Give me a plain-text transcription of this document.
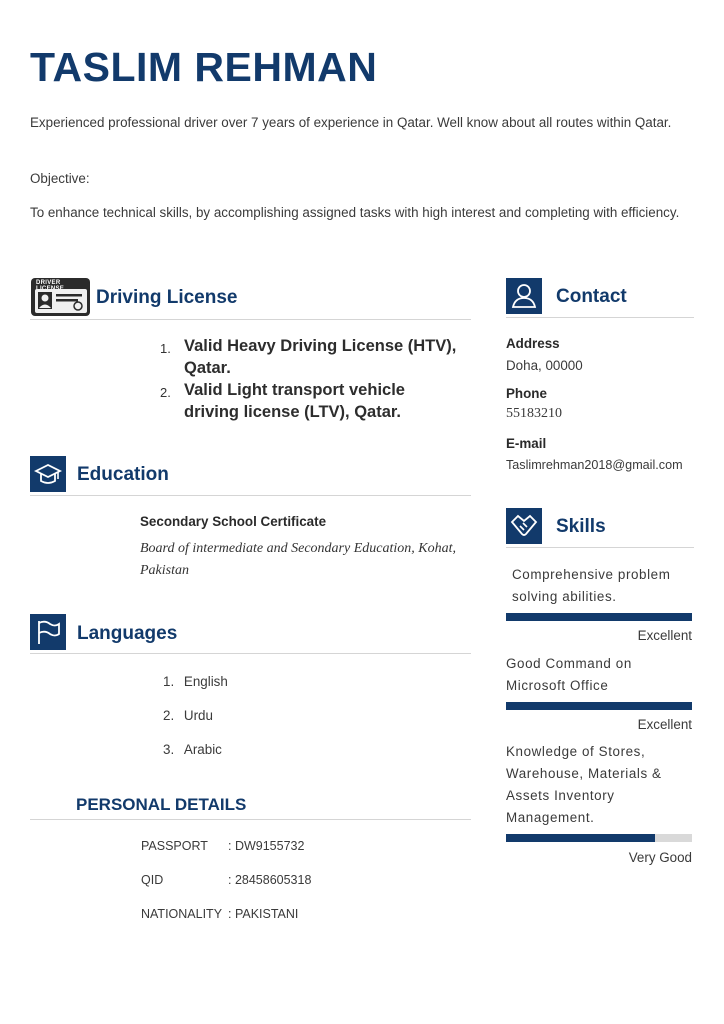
TASLIM REHMAN
Experienced professional driver over 7 years of experience in Qatar. Well know about all routes within Qatar.
Objective:
To enhance technical skills, by accomplishing assigned tasks with high interest and completing with efficiency.
DRIVER
Driving License
1. Valid Heavy Driving License (HTV), Qatar.
2. Valid Light transport vehicle driving license (LTV), Qatar.
Education
Secondary School Certificate
Board of intermediate and Secondary Education, Kohat, Pakistan
Languages
1. English
2. Urdu
3. Arabic
PERSONAL DETAILS
PASSPORT : DW9155732
QID	: 28458605318
NATIONALITY : PAKISTANI
Contact
Address
Doha, 00000
Phone
55183210
E-mail
Taslimrehman2018@gmail.com
Skills
Comprehensive problem solving abilities.
Excellent
Good Command on Microsoft Office
Excellent
Knowledge of Stores, Warehouse, Materials & Assets Inventory Management.
Very Good
